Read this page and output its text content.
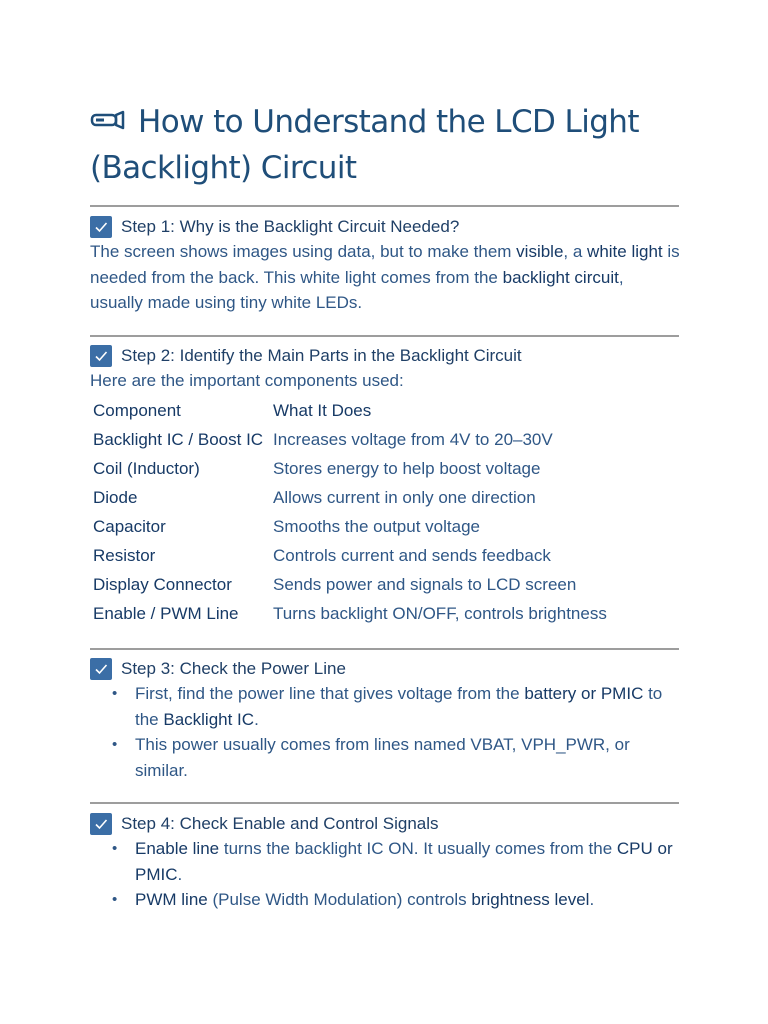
How to Understand the LCD Light (Backlight) Circuit
Step 1: Why is the Backlight Circuit Needed?

The screen shows images using data, but to make them visible, a white light is needed from the back. This white light comes from the backlight circuit, usually made using tiny white LEDs.

Step 2: Identify the Main Parts in the Backlight Circuit

Here are the important components used:

Component	What It Does
Backlight IC / Boost IC	Increases voltage from 4V to 20–30V
Coil (Inductor)	Stores energy to help boost voltage
Diode	Allows current in only one direction
Capacitor	Smooths the output voltage
Resistor	Controls current and sends feedback
Display Connector	Sends power and signals to LCD screen
Enable / PWM Line	Turns backlight ON/OFF, controls brightness
Step 3: Check the Power Line
• First, find the power line that gives voltage from the battery or PMIC to the Backlight IC.
• This power usually comes from lines named VBAT, VPH_PWR, or similar.
Step 4: Check Enable and Control Signals
• Enable line turns the backlight IC ON. It usually comes from the CPU or PMIC.
• PWM line (Pulse Width Modulation) controls brightness level.
